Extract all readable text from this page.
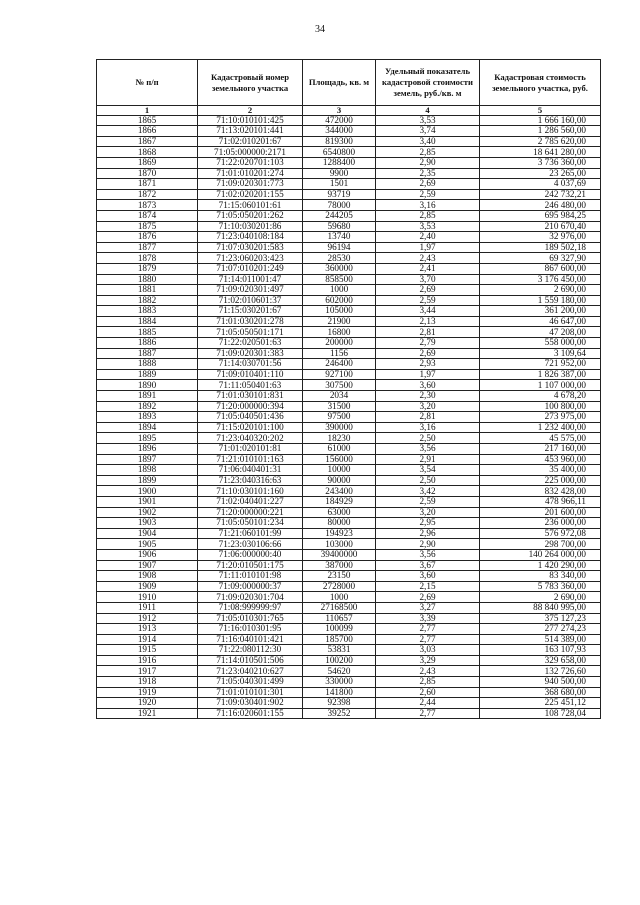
34
№ п/п	Кадастровый номер земельного участка	Площадь, кв. м	Удельный показатель кадастровой стоимости земель, руб./кв. м	Кадастровая стоимость земельного участка, руб.
1	2	3	4	5
1865	71:10:010101:425	472000	3,53	1 666 160,00
1866	71:13:020101:441	344000	3,74	1 286 560,00
1867	71:02:010201:67	819300	3,40	2 785 620,00
1868	71:05:000000:2171	6540800	2,85	18 641 280,00
1869	71:22:020701:103	1288400	2,90	3 736 360,00
1870	71:01:010201:274	9900	2,35	23 265,00
1871	71:09:020301:773	1501	2,69	4 037,69
1872	71:02:020201:155	93719	2,59	242 732,21
1873	71:15:060101:61	78000	3,16	246 480,00
1874	71:05:050201:262	244205	2,85	695 984,25
1875	71:10:030201:86	59680	3,53	210 670,40
1876	71:23:040108:184	13740	2,40	32 976,00
1877	71:07:030201:583	96194	1,97	189 502,18
1878	71:23:060203:423	28530	2,43	69 327,90
1879	71:07:010201:249	360000	2,41	867 600,00
1880	71:14:011001:47	858500	3,70	3 176 450,00
1881	71:09:020301:497	1000	2,69	2 690,00
1882	71:02:010601:37	602000	2,59	1 559 180,00
1883	71:15:030201:67	105000	3,44	361 200,00
1884	71:01:030201:278	21900	2,13	46 647,00
1885	71:05:050501:171	16800	2,81	47 208,00
1886	71:22:020501:63	200000	2,79	558 000,00
1887	71:09:020301:383	1156	2,69	3 109,64
1888	71:14:030701:56	246400	2,93	721 952,00
1889	71:09:010401:110	927100	1,97	1 826 387,00
1890	71:11:050401:63	307500	3,60	1 107 000,00
1891	71:01:030101:831	2034	2,30	4 678,20
1892	71:20:000000:394	31500	3,20	100 800,00
1893	71:05:040501:436	97500	2,81	273 975,00
1894	71:15:020101:100	390000	3,16	1 232 400,00
1895	71:23:040320:202	18230	2,50	45 575,00
1896	71:01:020101:81	61000	3,56	217 160,00
1897	71:21:010101:163	156000	2,91	453 960,00
1898	71:06:040401:31	10000	3,54	35 400,00
1899	71:23:040316:63	90000	2,50	225 000,00
1900	71:10:030101:160	243400	3,42	832 428,00
1901	71:02:040401:227	184929	2,59	478 966,11
1902	71:20:000000:221	63000	3,20	201 600,00
1903	71:05:050101:234	80000	2,95	236 000,00
1904	71:21:060101:99	194923	2,96	576 972,08
1905	71:23:030106:66	103000	2,90	298 700,00
1906	71:06:000000:40	39400000	3,56	140 264 000,00
1907	71:20:010501:175	387000	3,67	1 420 290,00
1908	71:11:010101:98	23150	3,60	83 340,00
1909	71:09:000000:37	2728000	2,15	5 783 360,00
1910	71:09:020301:704	1000	2,69	2 690,00
1911	71:08:999999:97	27168500	3,27	88 840 995,00
1912	71:05:010301:765	110657	3,39	375 127,23
1913	71:16:010301:95	100099	2,77	277 274,23
1914	71:16:040101:421	185700	2,77	514 389,00
1915	71:22:080112:30	53831	3,03	163 107,93
1916	71:14:010501:506	100200	3,29	329 658,00
1917	71:23:040210:627	54620	2,43	132 726,60
1918	71:05:040301:499	330000	2,85	940 500,00
1919	71:01:010101:301	141800	2,60	368 680,00
1920	71:09:030401:902	92398	2,44	225 451,12
1921	71:16:020601:155	39252	2,77	108 728,04
